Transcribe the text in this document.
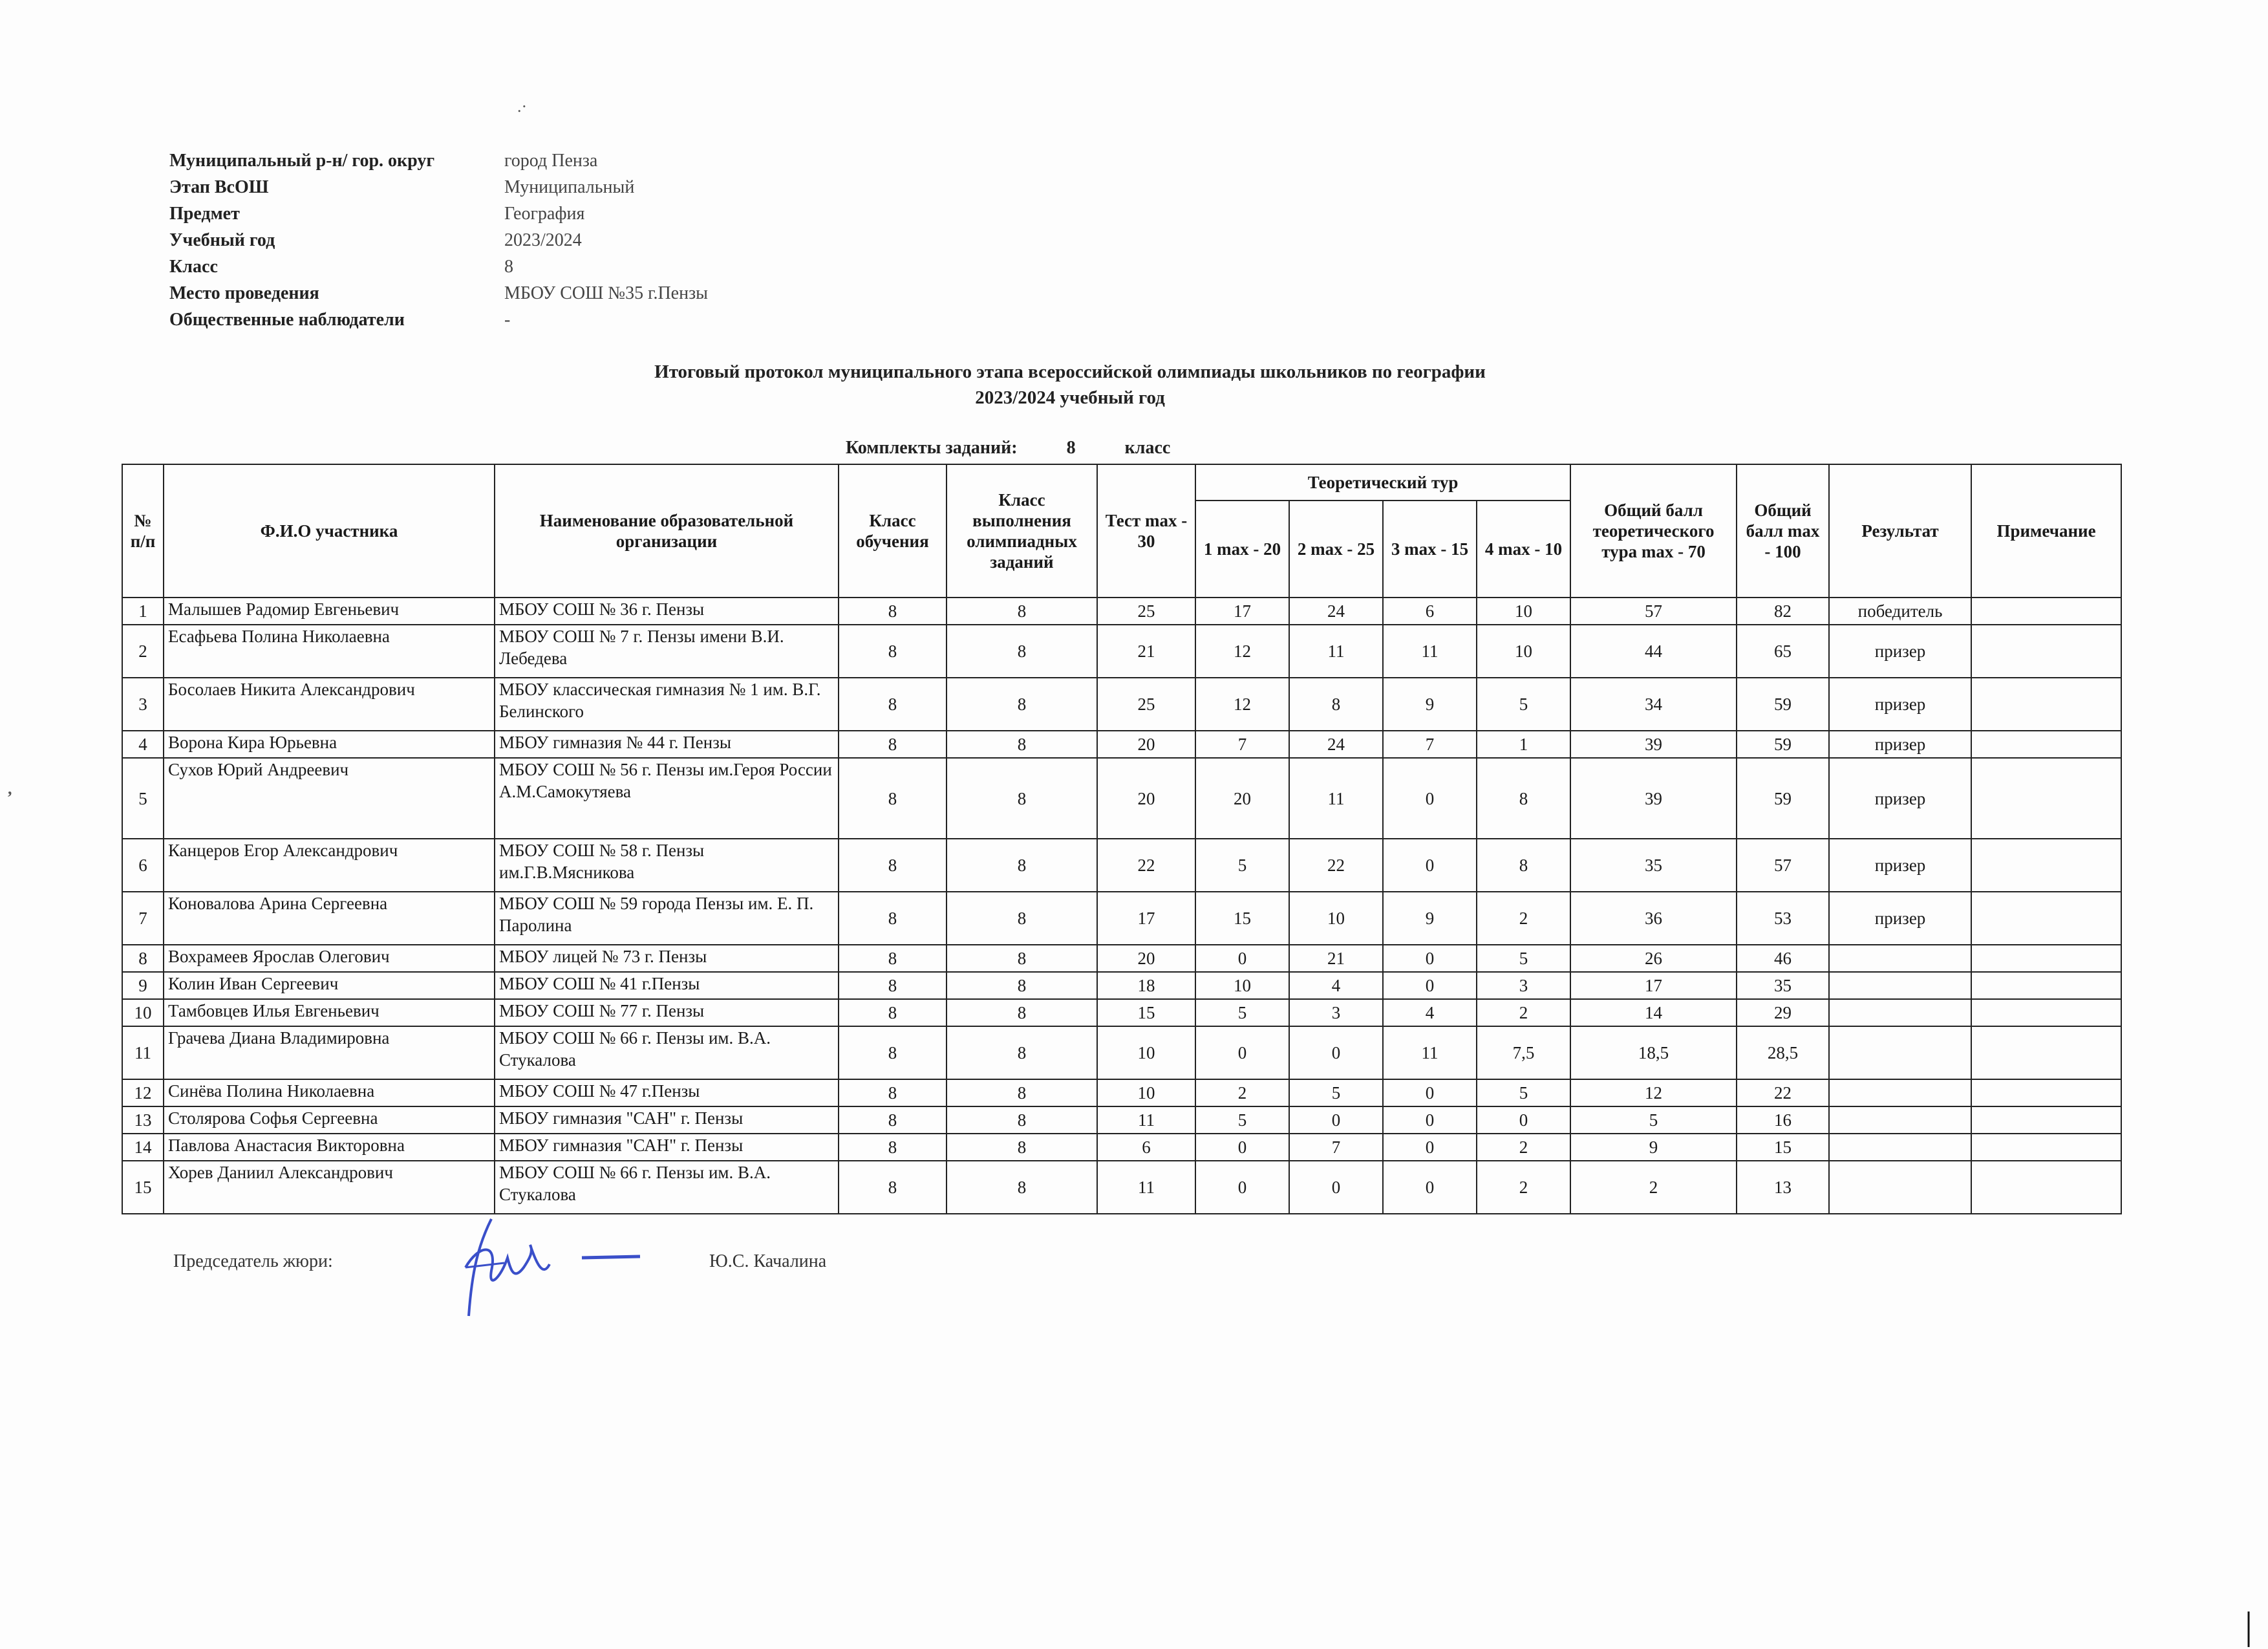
.·
Муниципальный р-н/ гор. округ	город Пенза
Этап ВсОШ	Муниципальный
Предмет	География
Учебный год	2023/2024
Класс	8
Место проведения	МБОУ СОШ №35 г.Пензы
Общественные наблюдатели	-
Итоговый протокол муниципального этапа всероссийской олимпиады школьников по географии
2023/2024 учебный год
Комплекты заданий:	8	класс
№ п/п	Ф.И.О участника	Наименование образовательной организации	Класс обучения	Класс выполнения олимпиадных заданий	Тест max - 30	Теоретический тур				Общий балл теоретического тура max - 70	Общий балл max - 100	Результат	Примечание
						1 max - 20	2 max - 25	3 max - 15	4 max - 10				
1	Малышев Радомир Евгеньевич	МБОУ СОШ № 36 г. Пензы	8	8	25	17	24	6	10	57	82	победитель	
2	Есафьева Полина Николаевна	МБОУ СОШ № 7 г. Пензы имени В.И. Лебедева	8	8	21	12	11	11	10	44	65	призер	
3	Босолаев Никита Александрович	МБОУ классическая гимназия № 1 им. В.Г. Белинского	8	8	25	12	8	9	5	34	59	призер	
4	Ворона Кира Юрьевна	МБОУ гимназия № 44 г. Пензы	8	8	20	7	24	7	1	39	59	призер	
5	Сухов Юрий Андреевич	МБОУ СОШ № 56 г. Пензы им.Героя России А.М.Самокутяева	8	8	20	20	11	0	8	39	59	призер	
6	Канцеров Егор Александрович	МБОУ СОШ № 58 г. Пензы им.Г.В.Мясникова	8	8	22	5	22	0	8	35	57	призер	
7	Коновалова Арина Сергеевна	МБОУ СОШ № 59 города Пензы им. Е. П. Паролина	8	8	17	15	10	9	2	36	53	призер	
8	Вохрамеев Ярослав Олегович	МБОУ лицей № 73 г. Пензы	8	8	20	0	21	0	5	26	46		
9	Колин Иван Сергеевич	МБОУ СОШ № 41 г.Пензы	8	8	18	10	4	0	3	17	35		
10	Тамбовцев Илья Евгеньевич	МБОУ СОШ № 77 г. Пензы	8	8	15	5	3	4	2	14	29		
11	Грачева Диана Владимировна	МБОУ СОШ № 66 г. Пензы им. В.А. Стукалова	8	8	10	0	0	11	7,5	18,5	28,5		
12	Синёва Полина Николаевна	МБОУ СОШ № 47 г.Пензы	8	8	10	2	5	0	5	12	22		
13	Столярова Софья Сергеевна	МБОУ гимназия "САН" г. Пензы	8	8	11	5	0	0	0	5	16		
14	Павлова Анастасия Викторовна	МБОУ гимназия "САН" г. Пензы	8	8	6	0	7	0	2	9	15		
15	Хорев Даниил Александрович	МБОУ СОШ № 66 г. Пензы им. В.А. Стукалова	8	8	11	0	0	0	2	2	13		
Председатель жюри:	Ю.С. Качалина
,
|
